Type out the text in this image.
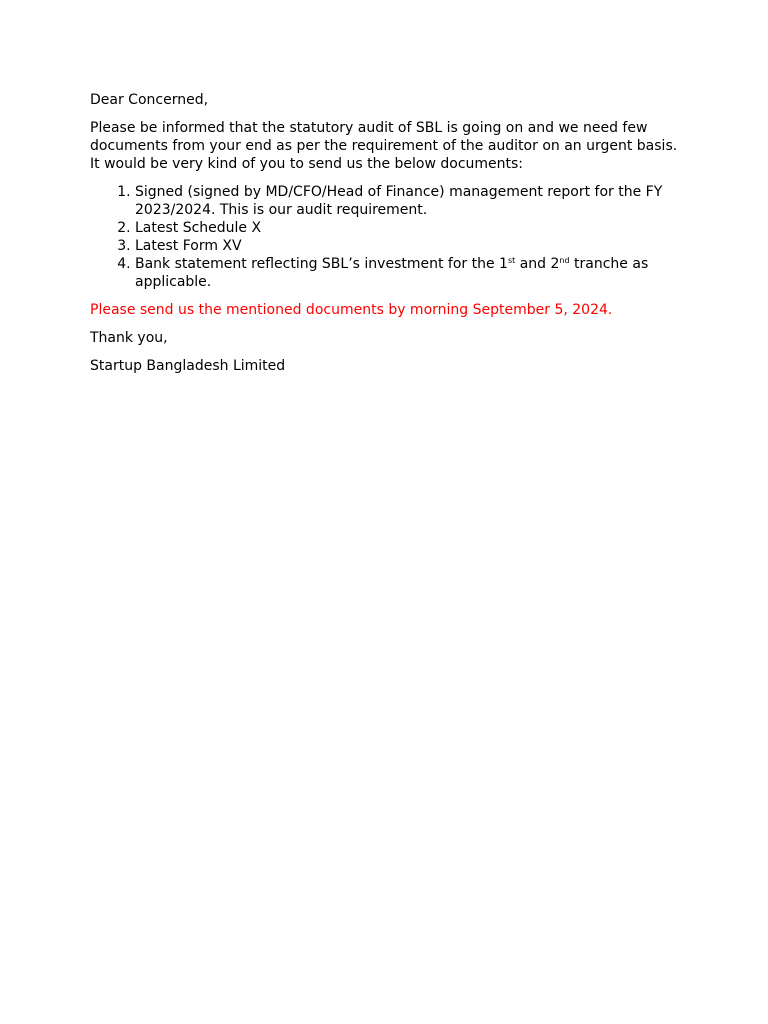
Dear Concerned,

Please be informed that the statutory audit of SBL is going on and we need few documents from your end as per the requirement of the auditor on an urgent basis. It would be very kind of you to send us the below documents:

1. Signed (signed by MD/CFO/Head of Finance) management report for the FY 2023/2024. This is our audit requirement.
2. Latest Schedule X
3. Latest Form XV
4. Bank statement reflecting SBL’s investment for the 1st and 2nd tranche as applicable.

Please send us the mentioned documents by morning September 5, 2024.

Thank you,

Startup Bangladesh Limited
